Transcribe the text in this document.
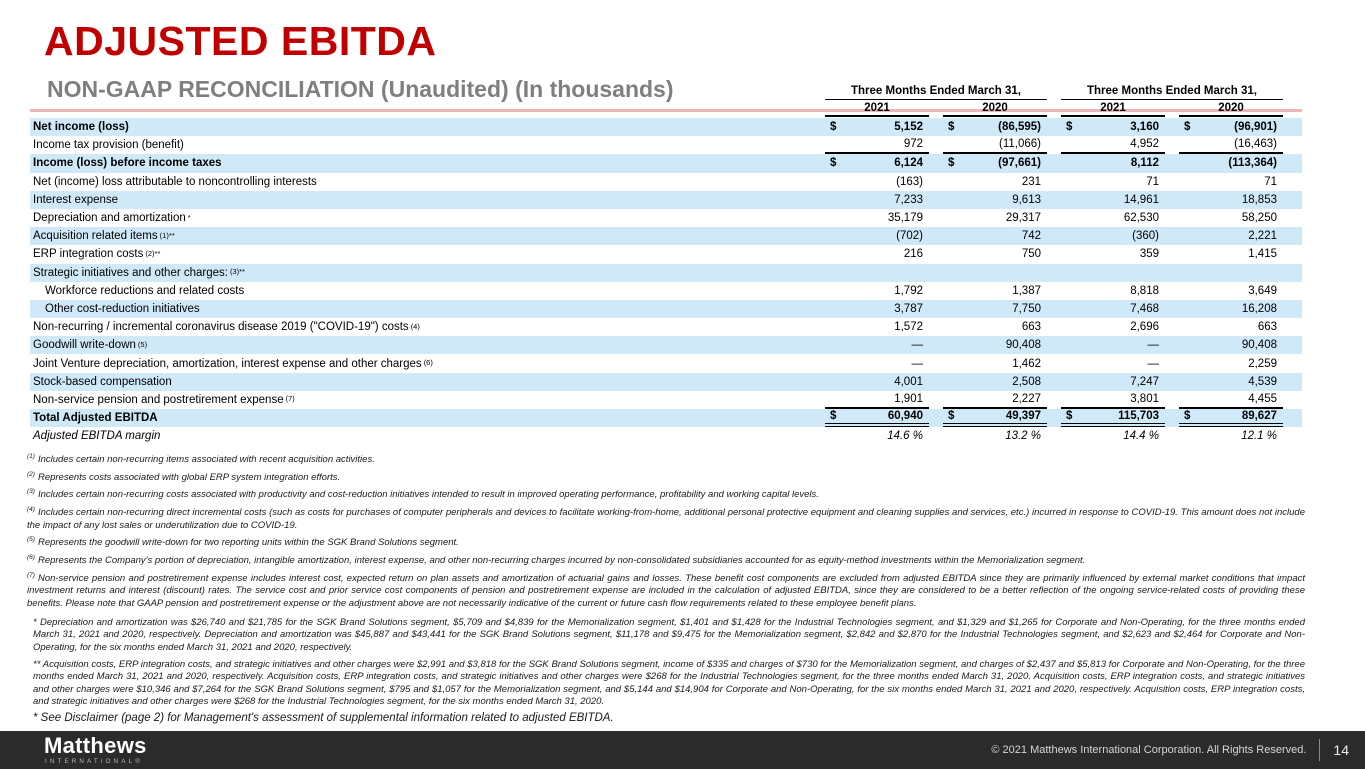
ADJUSTED EBITDA
NON-GAAP RECONCILIATION (Unaudited) (In thousands)	Three Months Ended March 31,
2021	2020
Three Months Ended March 31,
2021	2020
Net income (loss)	$	5,152 $	(86,595) $	3,160 $	(96,901)
Income tax provision (benefit)	972	(11,066)	4,952	(16,463)
Income (loss) before income taxes	$	6,124 $	(97,661)	8,112	(113,364)
Net (income) loss attributable to noncontrolling interests	(163)	231	71	71
Interest expense	7,233	9,613	14,961	18,853
Depreciation and amortization *	35,179	29,317	62,530	58,250
Acquisition related items $^{(1)**}$	(702)	742	(360)	2,221
ERP integration costs $^{(2)**}$	216	750	359	1,415
Strategic initiatives and other charges: $^{(3)**}$
Workforce reductions and related costs	1,792	1,387	8,818	3,649
Other cost-reduction initiatives	3,787	7,750	7,468	16,208
Non-recurring / incremental coronavirus disease 2019 ("COVID-19") costs $^{(4)}$	1,572	663	2,696	663
Goodwill write-down $^{(5)}$	—	90,408	—	90,408
Joint Venture depreciation, amortization, interest expense and other charges $^{(6)}$	—	1,462	—	2,259
Stock-based compensation	4,001	2,508	7,247	4,539
Non-service pension and postretirement expense $^{(7)}$	1,901	2,227	3,801	4,455
Total Adjusted EBITDA	$	60,940 $	49,397 $	115,703 $	89,627
Adjusted EBITDA margin	14.6 %	13.2 %	14.4 %	12.1 %
$^{(1)}$ Includes certain non-recurring items associated with recent acquisition activities.
$^{(2)}$ Represents costs associated with global ERP system integration efforts.
$^{(3)}$ Includes certain non-recurring costs associated with productivity and cost-reduction initiatives intended to result in improved operating performance, profitability and working capital levels.
$^{(4)}$ Includes certain non-recurring direct incremental costs (such as costs for purchases of computer peripherals and devices to facilitate working-from-home, additional personal protective equipment and cleaning supplies and services, etc.) incurred in response to COVID-19. This amount does not include the impact of any lost sales or underutilization due to COVID-19.
$^{(5)}$ Represents the goodwill write-down for two reporting units within the SGK Brand Solutions segment.
$^{(6)}$ Represents the Company's portion of depreciation, intangible amortization, interest expense, and other non-recurring charges incurred by non-consolidated subsidiaries accounted for as equity-method investments within the Memorialization segment.
$^{(7)}$ Non-service pension and postretirement expense includes interest cost, expected return on plan assets and amortization of actuarial gains and losses. These benefit cost components are excluded from adjusted EBITDA since they are primarily influenced by external market conditions that impact investment returns and interest (discount) rates. The service cost and prior service cost components of pension and postretirement expense are included in the calculation of adjusted EBITDA, since they are considered to be a better reflection of the ongoing service-related costs of providing these benefits. Please note that GAAP pension and postretirement expense or the adjustment above are not necessarily indicative of the current or future cash flow requirements related to these employee benefit plans.
* Depreciation and amortization was $26,740 and $21,785 for the SGK Brand Solutions segment, $5,709 and $4,839 for the Memorialization segment, $1,401 and $1,428 for the Industrial Technologies segment, and $1,329 and $1,265 for Corporate and Non-Operating, for the three months ended March 31, 2021 and 2020, respectively. Depreciation and amortization was $45,887 and $43,441 for the SGK Brand Solutions segment, $11,178 and $9,475 for the Memorialization segment, $2,842 and $2,870 for the Industrial Technologies segment, and $2,623 and $2,464 for Corporate and Non-Operating, for the six months ended March 31, 2021 and 2020, respectively.
** Acquisition costs, ERP integration costs, and strategic initiatives and other charges were $2,991 and $3,818 for the SGK Brand Solutions segment, income of $335 and charges of $730 for the Memorialization segment, and charges of $2,437 and $5,813 for Corporate and Non-Operating, for the three months ended March 31, 2021 and 2020, respectively. Acquisition costs, ERP integration costs, and strategic initiatives and other charges were $268 for the Industrial Technologies segment, for the three months ended March 31, 2020. Acquisition costs, ERP integration costs, and strategic initiatives and other charges were $10,346 and $7,264 for the SGK Brand Solutions segment, $795 and $1,057 for the Memorialization segment, and $5,144 and $14,904 for Corporate and Non-Operating, for the six months ended March 31, 2021 and 2020, respectively. Acquisition costs, ERP integration costs, and strategic initiatives and other charges were $268 for the Industrial Technologies segment, for the six months ended March 31, 2020.
* See Disclaimer (page 2) for Management's assessment of supplemental information related to adjusted EBITDA.
Matthews
INTERNATIONAL®
© 2021 Matthews International Corporation. All Rights Reserved. 14
